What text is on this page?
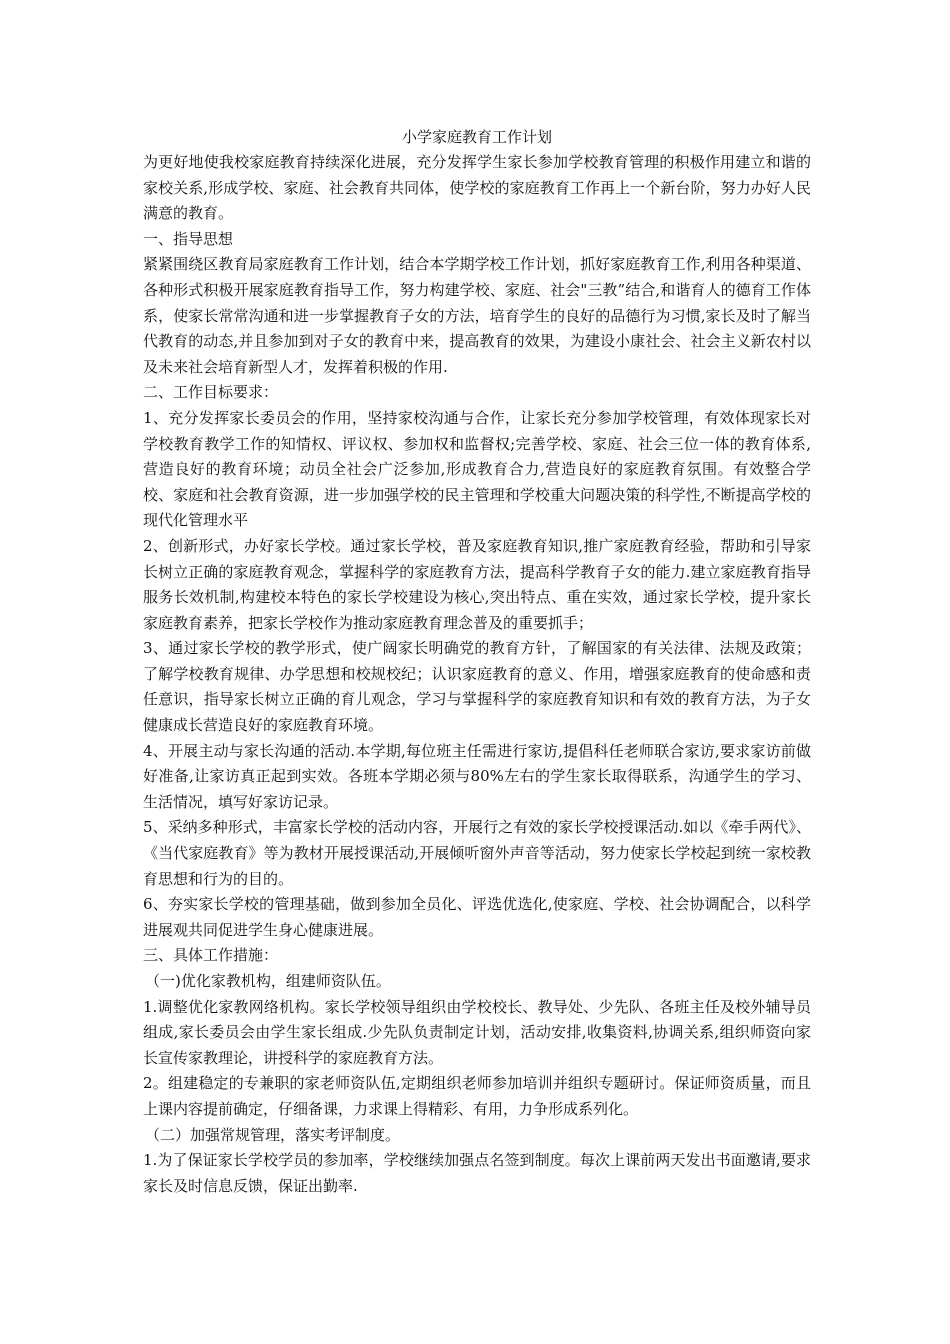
小学家庭教育工作计划

为更好地使我校家庭教育持续深化进展，充分发挥学生家长参加学校教育管理的积极作用建立和谐的家校关系,形成学校、家庭、社会教育共同体，使学校的家庭教育工作再上一个新台阶，努力办好人民满意的教育。

一、指导思想

紧紧围绕区教育局家庭教育工作计划，结合本学期学校工作计划，抓好家庭教育工作,利用各种渠道、各种形式积极开展家庭教育指导工作，努力构建学校、家庭、社会"三教”结合,和谐育人的德育工作体系，使家长常常沟通和进一步掌握教育子女的方法，培育学生的良好的品德行为习惯,家长及时了解当代教育的动态,并且参加到对子女的教育中来，提高教育的效果，为建设小康社会、社会主义新农村以及未来社会培育新型人才，发挥着积极的作用.

二、工作目标要求：

1、充分发挥家长委员会的作用，坚持家校沟通与合作，让家长充分参加学校管理，有效体现家长对学校教育教学工作的知情权、评议权、参加权和监督权;完善学校、家庭、社会三位一体的教育体系,营造良好的教育环境；动员全社会广泛参加,形成教育合力,营造良好的家庭教育氛围。有效整合学校、家庭和社会教育资源，进一步加强学校的民主管理和学校重大问题决策的科学性,不断提高学校的现代化管理水平

2、创新形式，办好家长学校。通过家长学校，普及家庭教育知识,推广家庭教育经验，帮助和引导家长树立正确的家庭教育观念，掌握科学的家庭教育方法，提高科学教育子女的能力.建立家庭教育指导服务长效机制,构建校本特色的家长学校建设为核心,突出特点、重在实效，通过家长学校，提升家长家庭教育素养，把家长学校作为推动家庭教育理念普及的重要抓手；

3、通过家长学校的教学形式，使广阔家长明确党的教育方针，了解国家的有关法律、法规及政策；了解学校教育规律、办学思想和校规校纪；认识家庭教育的意义、作用，增强家庭教育的使命感和责任意识，指导家长树立正确的育儿观念，学习与掌握科学的家庭教育知识和有效的教育方法，为子女健康成长营造良好的家庭教育环境。

4、开展主动与家长沟通的活动.本学期,每位班主任需进行家访,提倡科任老师联合家访,要求家访前做好准备,让家访真正起到实效。各班本学期必须与80%左右的学生家长取得联系，沟通学生的学习、生活情况，填写好家访记录。

5、采纳多种形式，丰富家长学校的活动内容，开展行之有效的家长学校授课活动.如以《牵手两代》、《当代家庭教育》等为教材开展授课活动,开展倾听窗外声音等活动，努力使家长学校起到统一家校教育思想和行为的目的。

6、夯实家长学校的管理基础，做到参加全员化、评选优选化,使家庭、学校、社会协调配合，以科学进展观共同促进学生身心健康进展。

三、具体工作措施：

（一)优化家教机构，组建师资队伍。

1.调整优化家教网络机构。家长学校领导组织由学校校长、教导处、少先队、各班主任及校外辅导员组成,家长委员会由学生家长组成.少先队负责制定计划，活动安排,收集资料,协调关系,组织师资向家长宣传家教理论，讲授科学的家庭教育方法。

2。组建稳定的专兼职的家老师资队伍,定期组织老师参加培训并组织专题研讨。保证师资质量，而且上课内容提前确定，仔细备课，力求课上得精彩、有用，力争形成系列化。

（二）加强常规管理，落实考评制度。

1.为了保证家长学校学员的参加率，学校继续加强点名签到制度。每次上课前两天发出书面邀请,要求家长及时信息反馈，保证出勤率.
